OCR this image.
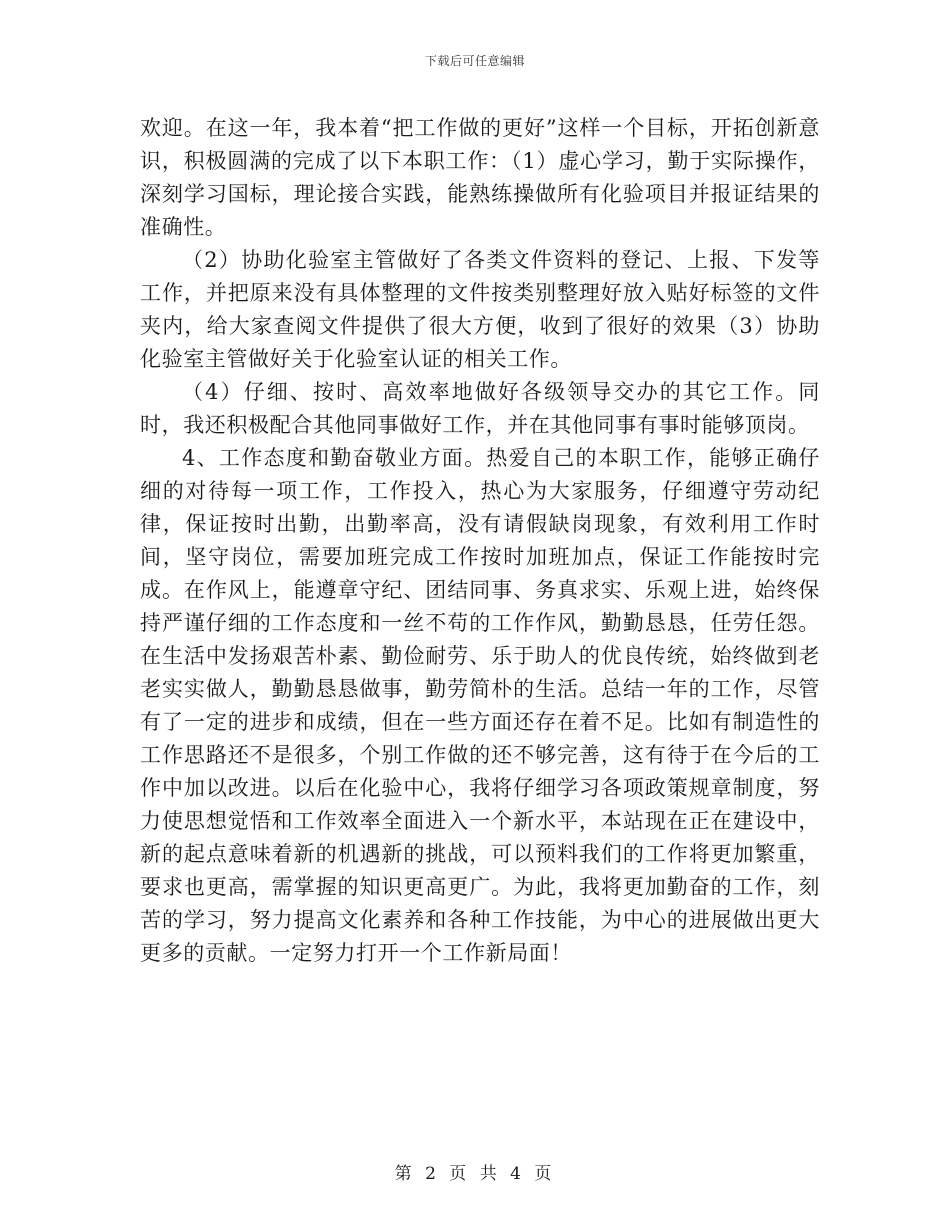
下载后可任意编辑

欢迎。在这一年，我本着“把工作做的更好”这样一个目标，开拓创新意识，积极圆满的完成了以下本职工作：（1）虚心学习，勤于实际操作，深刻学习国标，理论接合实践，能熟练操做所有化验项目并报证结果的准确性。

（2）协助化验室主管做好了各类文件资料的登记、上报、下发等工作，并把原来没有具体整理的文件按类别整理好放入贴好标签的文件夹内，给大家查阅文件提供了很大方便，收到了很好的效果（3）协助化验室主管做好关于化验室认证的相关工作。

（4）仔细、按时、高效率地做好各级领导交办的其它工作。同时，我还积极配合其他同事做好工作，并在其他同事有事时能够顶岗。

4、工作态度和勤奋敬业方面。热爱自己的本职工作，能够正确仔细的对待每一项工作，工作投入，热心为大家服务，仔细遵守劳动纪律，保证按时出勤，出勤率高，没有请假缺岗现象，有效利用工作时间，坚守岗位，需要加班完成工作按时加班加点，保证工作能按时完成。在作风上，能遵章守纪、团结同事、务真求实、乐观上进，始终保持严谨仔细的工作态度和一丝不苟的工作作风，勤勤恳恳，任劳任怨。在生活中发扬艰苦朴素、勤俭耐劳、乐于助人的优良传统，始终做到老老实实做人，勤勤恳恳做事，勤劳简朴的生活。总结一年的工作，尽管有了一定的进步和成绩，但在一些方面还存在着不足。比如有制造性的工作思路还不是很多，个别工作做的还不够完善，这有待于在今后的工作中加以改进。以后在化验中心，我将仔细学习各项政策规章制度，努力使思想觉悟和工作效率全面进入一个新水平，本站现在正在建设中，新的起点意味着新的机遇新的挑战，可以预料我们的工作将更加繁重，要求也更高，需掌握的知识更高更广。为此，我将更加勤奋的工作，刻苦的学习，努力提高文化素养和各种工作技能，为中心的进展做出更大更多的贡献。一定努力打开一个工作新局面！

第 2 页 共 4 页
